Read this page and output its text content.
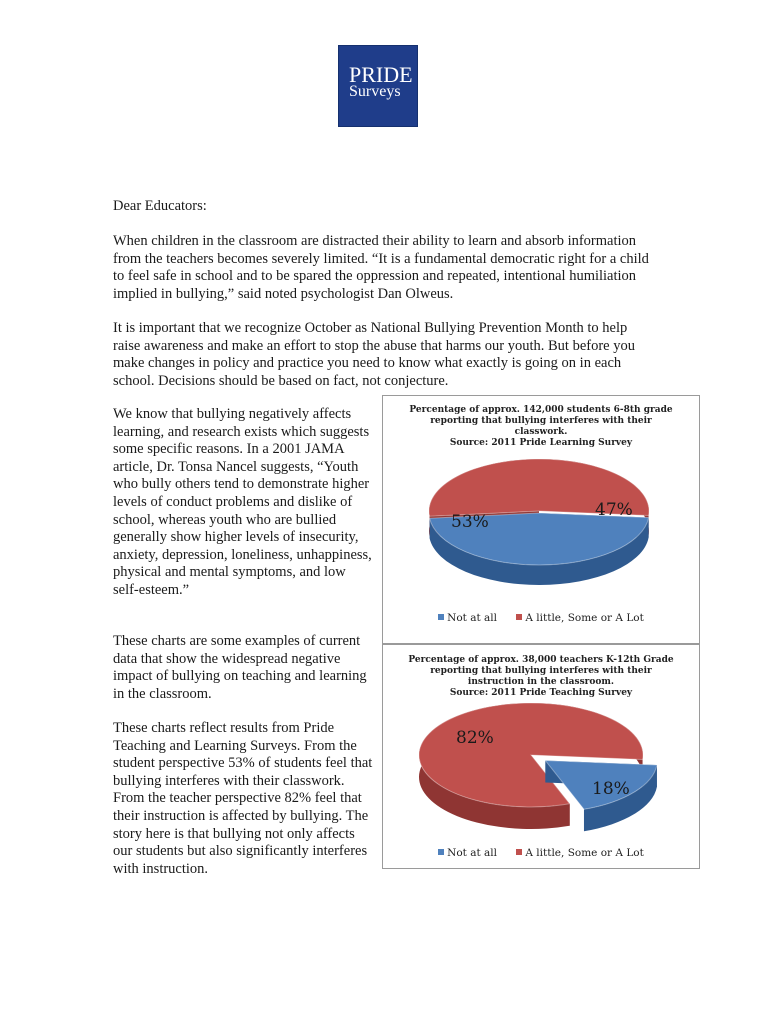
PRIDE
Surveys

Dear Educators:

When children in the classroom are distracted their ability to learn and absorb information from the teachers becomes severely limited. “It is a fundamental democratic right for a child to feel safe in school and to be spared the oppression and repeated, intentional humiliation implied in bullying,” said noted psychologist Dan Olweus.

It is important that we recognize October as National Bullying Prevention Month to help raise awareness and make an effort to stop the abuse that harms our youth. But before you make changes in policy and practice you need to know what exactly is going on in each school. Decisions should be based on fact, not conjecture.

We know that bullying negatively affects learning, and research exists which suggests some specific reasons. In a 2001 JAMA article, Dr. Tonsa Nancel suggests, “Youth who bully others tend to demonstrate higher levels of conduct problems and dislike of school, whereas youth who are bullied generally show higher levels of insecurity, anxiety, depression, loneliness, unhappiness, physical and mental symptoms, and low self-esteem.”

These charts are some examples of current data that show the widespread negative impact of bullying on teaching and learning in the classroom.

These charts reflect results from Pride Teaching and Learning Surveys. From the student perspective 53% of students feel that bullying interferes with their classwork. From the teacher perspective 82% feel that their instruction is affected by bullying. The story here is that bullying not only affects our students but also significantly interferes with instruction.

Percentage of approx. 142,000 students 6-8th grade
reporting that bullying interferes with their
classwork.
Source: 2011 Pride Learning Survey
53%
47%
Not at all	A little, Some or A Lot
Percentage of approx. 38,000 teachers K-12th Grade
reporting that bullying interferes with their
instruction in the classroom.
Source: 2011 Pride Teaching Survey
82%
18%
Not at all	A little, Some or A Lot
